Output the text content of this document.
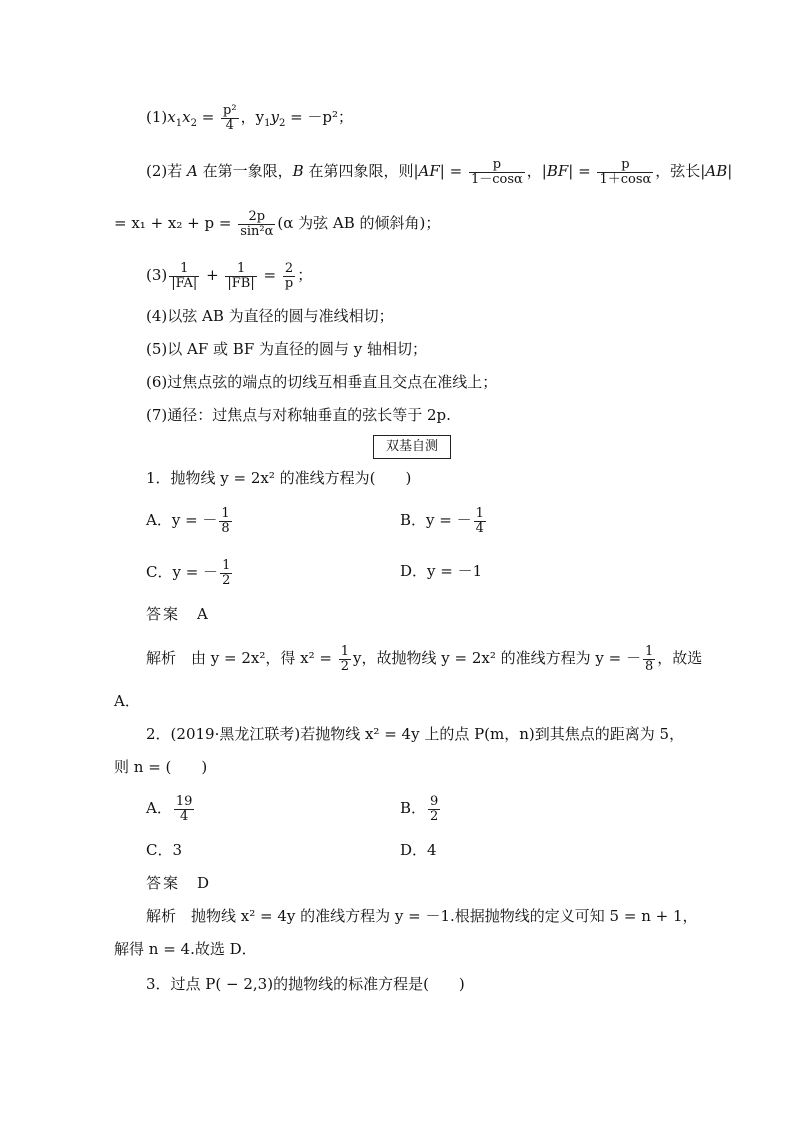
$(1)x_1x_2 = \frac{\text{p²}}{4}$ ，$y_1y_2 = -p^2$；
(2)若 A 在第一象限，B 在第四象限，则$|AF| = \frac{p}{1-\cos\alpha}$ ，$|BF| = \frac{p}{1+\cos\alpha}$ ，弦长|AB|
= $x_1 + x_2 + p = \frac{2p}{\text{sin²α}} (\alpha$ 为弦 AB 的倾斜角)；
$(3) \frac{1}{|FA|} + \frac{1}{|FB|} = \frac{2}{p}$ ；
(4)以弦 AB 为直径的圆与准线相切；
(5)以 AF 或 BF 为直径的圆与 y 轴相切；
(6)过焦点弦的端点的切线互相垂直且交点在准线上；
(7)通径：过焦点与对称轴垂直的弦长等于 2p.
双基自测
1．抛物线 y = 2x² 的准线方程为(　　)
A．y = － $\frac{1}{8}$	B．y = － $\frac{1}{4}$
C．y = － $\frac{1}{2}$	D．y = －1
答案　A
解析　由 y = 2x²，得 $x^2 = \frac{1}{2}$ y，故抛物线 y = 2x² 的准线方程为 y = － $\frac{1}{8}$ ，故选
A．
2．(2019·黑龙江联考)若抛物线 x² = 4y 上的点 P(m，n)到其焦点的距离为 5，
则 n = (　　)
A． $\frac{19}{4}$	B． $\frac{9}{2}$
C．3	D．4
答案　D
解析　抛物线 x² = 4y 的准线方程为 y = －1.根据抛物线的定义可知 5 = n + 1，
解得 n = 4.故选 D．
3．过点 P( − 2,3)的抛物线的标准方程是(　　)
